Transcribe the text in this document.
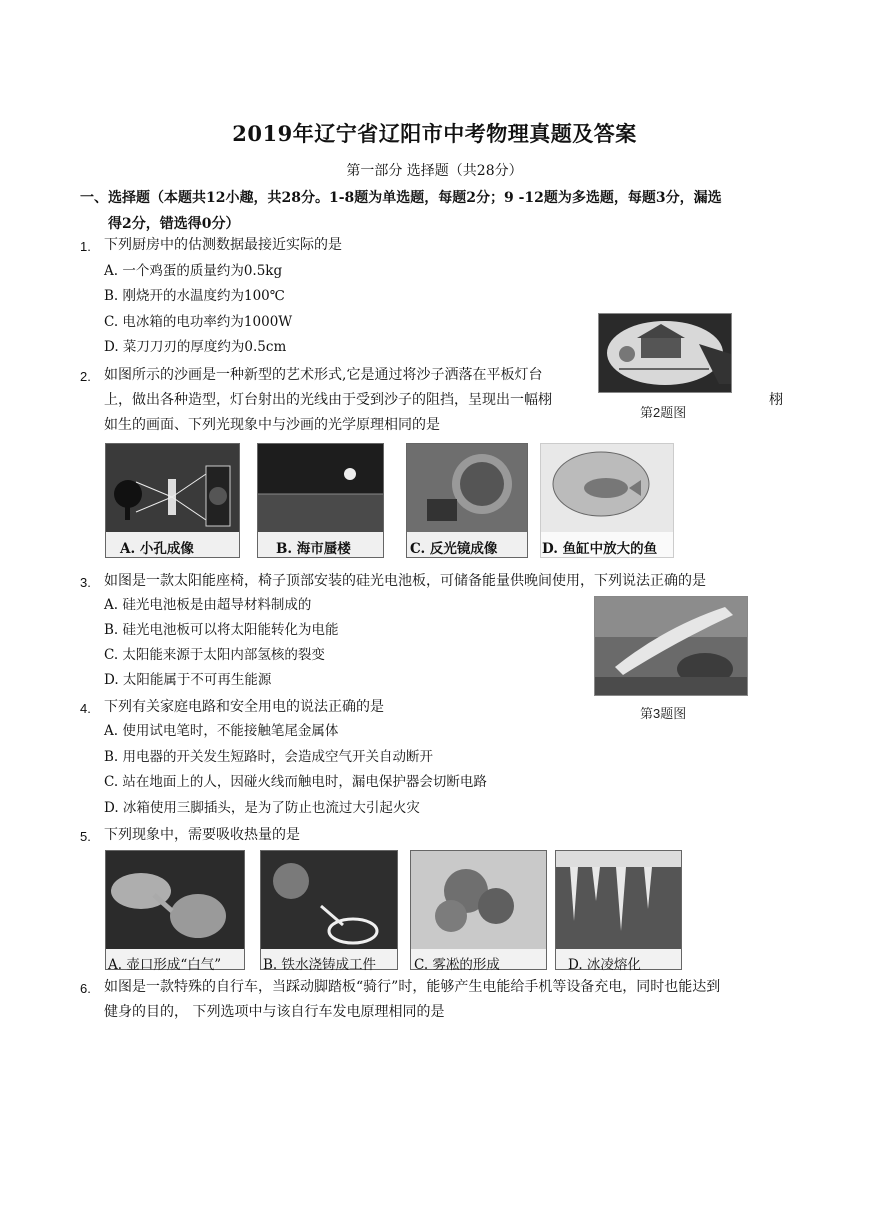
2019年辽宁省辽阳市中考物理真题及答案
第一部分 选择题（共28分）
一、选择题（本题共12小趣，共28分。1-8题为单选题，每题2分；9 -12题为多选题，每题3分，漏选
得2分，错选得0分）
1. 下列厨房中的估测数据最接近实际的是
A. 一个鸡蛋的质量约为0.5kg
B. 刚烧开的水温度约为100℃
C. 电冰箱的电功率约为1000W
D. 菜刀刀刃的厚度约为0.5cm
第2题图
2. 如图所示的沙画是一种新型的艺术形式,它是通过将沙子洒落在平板灯台
上，做出各种造型，灯台射出的光线由于受到沙子的阻挡，呈现出一幅栩	栩
如生的画面、下列光现象中与沙画的光学原理相同的是
A. 小孔成像	B. 海市蜃楼	C. 反光镜成像	D. 鱼缸中放大的鱼
3. 如图是一款太阳能座椅，椅子顶部安装的硅光电池板，可储备能量供晚间使用，下列说法正确的是
A. 硅光电池板是由超导材料制成的
B. 硅光电池板可以将太阳能转化为电能
C. 太阳能来源于太阳内部氢核的裂变
D. 太阳能属于不可再生能源
第3题图
4. 下列有关家庭电路和安全用电的说法正确的是
A. 使用试电笔时，不能接触笔尾金属体
B. 用电器的开关发生短路时，会造成空气开关自动断开
C. 站在地面上的人，因碰火线而触电时，漏电保护器会切断电路
D. 冰箱使用三脚插头，是为了防止也流过大引起火灾
5. 下列现象中，需要吸收热量的是
A. 壶口形成“白气”	B. 铁水浇铸成工件	C. 雾凇的形成	D. 冰凌熔化
6. 如图是一款特殊的自行车，当踩动脚踏板“骑行”时，能够产生电能给手机等设备充电，同时也能达到
健身的目的， 下列选项中与该自行车发电原理相同的是
